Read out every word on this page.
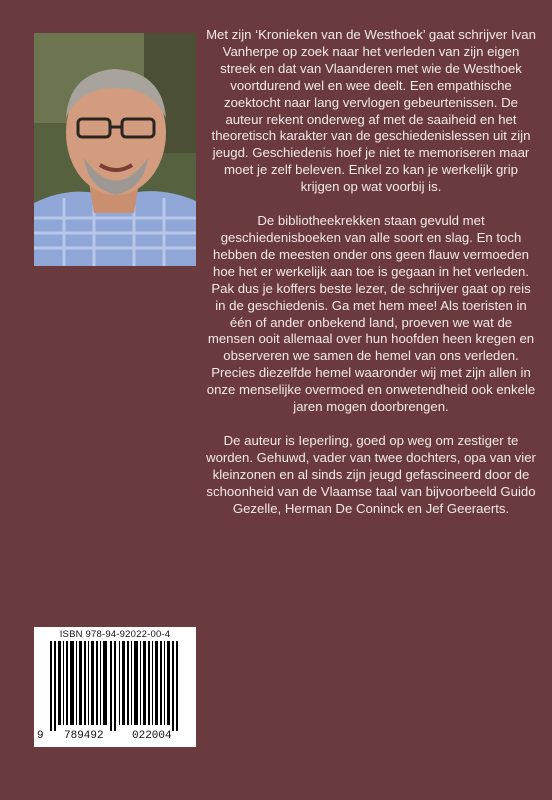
Met zijn ‘Kronieken van de Westhoek’ gaat schrijver Ivan Vanherpe op zoek naar het verleden van zijn eigen streek en dat van Vlaanderen met wie de Westhoek voortdurend wel en wee deelt. Een empathische zoektocht naar lang vervlogen gebeurtenissen. De auteur rekent onderweg af met de saaiheid en het theoretisch karakter van de geschiedenislessen uit zijn jeugd. Geschiedenis hoef je niet te memoriseren maar moet je zelf beleven. Enkel zo kan je werkelijk grip krijgen op wat voorbij is.

De bibliotheekrekken staan gevuld met geschiedenisboeken van alle soort en slag. En toch hebben de meesten onder ons geen flauw vermoeden hoe het er werkelijk aan toe is gegaan in het verleden. Pak dus je koffers beste lezer, de schrijver gaat op reis in de geschiedenis. Ga met hem mee! Als toeristen in één of ander onbekend land, proeven we wat de mensen ooit allemaal over hun hoofden heen kregen en observeren we samen de hemel van ons verleden. Precies diezelfde hemel waaronder wij met zijn allen in onze menselijke overmoed en onwetendheid ook enkele jaren mogen doorbrengen.

De auteur is Ieperling, goed op weg om zestiger te worden. Gehuwd, vader van twee dochters, opa van vier kleinzonen en al sinds zijn jeugd gefascineerd door de schoonheid van de Vlaamse taal van bijvoorbeeld Guido Gezelle, Herman De Coninck en Jef Geeraerts.

ISBN 978-94-92022-00-4
9 789492	022004
